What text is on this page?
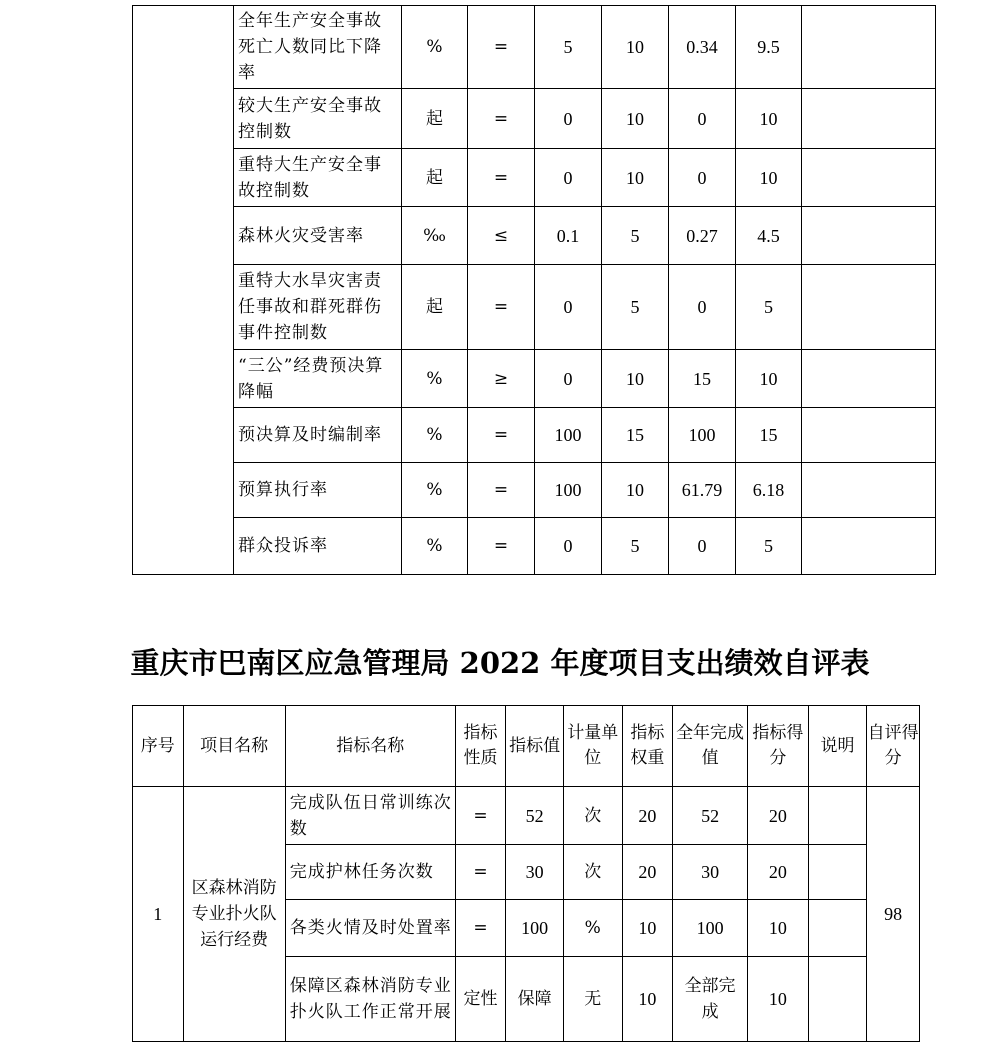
	全年生产安全事故死亡人数同比下降率	%	=	5	10	0.34	9.5	
	较大生产安全事故控制数	起	=	0	10	0	10	
	重特大生产安全事故控制数	起	=	0	10	0	10	
	森林火灾受害率	‰	≤	0.1	5	0.27	4.5	
	重特大水旱灾害责任事故和群死群伤事件控制数	起	=	0	5	0	5	
	“三公”经费预决算降幅	%	≥	0	10	15	10	
	预决算及时编制率	%	=	100	15	100	15	
	预算执行率	%	=	100	10	61.79	6.18	
	群众投诉率	%	=	0	5	0	5	
重庆市巴南区应急管理局 2022 年度项目支出绩效自评表
序号	项目名称	指标名称	指标性质	指标值	计量单位	指标权重	全年完成值	指标得分	说明	自评得分
1	区森林消防专业扑火队运行经费	完成队伍日常训练次数	=	52	次	20	52	20		98
		完成护林任务次数	=	30	次	20	30	20		
		各类火情及时处置率	=	100	%	10	100	10		
		保障区森林消防专业扑火队工作正常开展	定性	保障	无	10	全部完成	10		
